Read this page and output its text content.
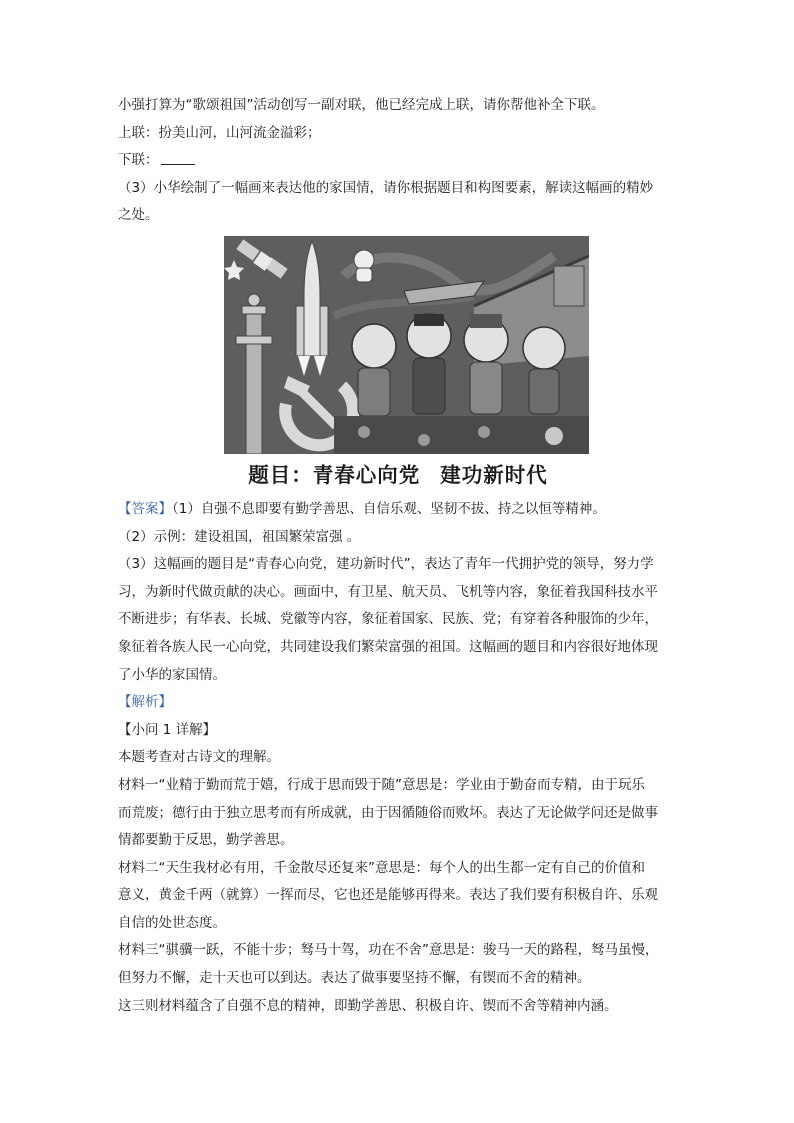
小强打算为“歌颂祖国”活动创写一副对联，他已经完成上联，请你帮他补全下联。

上联：扮美山河，山河流金溢彩；

下联：

（3）小华绘制了一幅画来表达他的家国情，请你根据题目和构图要素，解读这幅画的精妙

之处。

题目：青春心向党 建功新时代

【答案】（1）自强不息即要有勤学善思、自信乐观、坚韧不拔、持之以恒等精神。

（2）示例：建设祖国，祖国繁荣富强 。

（3）这幅画的题目是“青春心向党，建功新时代”，表达了青年一代拥护党的领导，努力学

习，为新时代做贡献的决心。画面中，有卫星、航天员、飞机等内容，象征着我国科技水平

不断进步；有华表、长城、党徽等内容，象征着国家、民族、党；有穿着各种服饰的少年，

象征着各族人民一心向党，共同建设我们繁荣富强的祖国。这幅画的题目和内容很好地体现

了小华的家国情。

【解析】

【小问 1 详解】

本题考查对古诗文的理解。

材料一“业精于勤而荒于嬉，行成于思而毁于随”意思是：学业由于勤奋而专精，由于玩乐

而荒废；德行由于独立思考而有所成就，由于因循随俗而败坏。表达了无论做学问还是做事

情都要勤于反思，勤学善思。

材料二“天生我材必有用，千金散尽还复来”意思是：每个人的出生都一定有自己的价值和

意义，黄金千两（就算）一挥而尽，它也还是能够再得来。表达了我们要有积极自许、乐观

自信的处世态度。

材料三“骐骥一跃，不能十步；驽马十驾，功在不舍”意思是：骏马一天的路程，驽马虽慢，

但努力不懈，走十天也可以到达。表达了做事要坚持不懈，有锲而不舍的精神。

这三则材料蕴含了自强不息的精神，即勤学善思、积极自许、锲而不舍等精神内涵。
